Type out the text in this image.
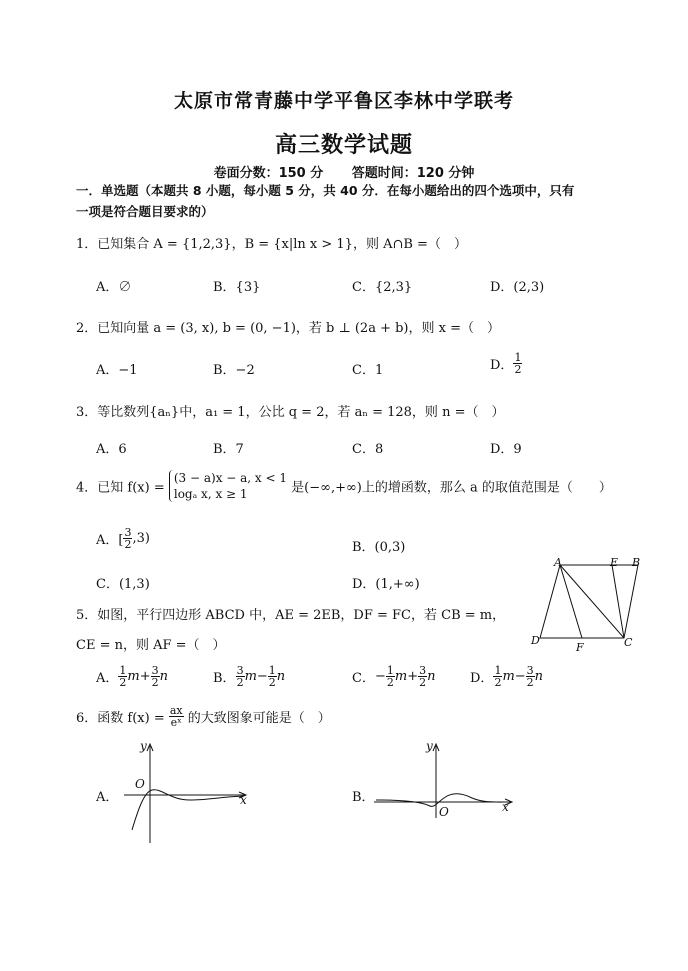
太原市常青藤中学平鲁区李林中学联考
高三数学试题
卷面分数：150 分 答题时间：120 分钟
一．单选题（本题共 8 小题，每小题 5 分，共 40 分．在每小题给出的四个选项中，只有
一项是符合题目要求的）
1．已知集合 A = {1,2,3}，B = {x|ln x > 1}，则 A∩B =（　）
A．∅	B．{3}	C．{2,3}	D．(2,3)
2．已知向量 a = (3, x), b = (0, −1)，若 b ⊥ (2a + b)，则 x =（　）
A．−1	B．−2	C．1	D． $\frac{1}{2}$
3．等比数列{aₙ}中，a₁ = 1，公比 q = 2，若 aₙ = 128，则 n =（　）
A．6	B．7	C．8	D．9
4．已知 f(x) =
(3 − a)x − a, x < 1
logₐ x, x ≥ 1	是(−∞,+∞)上的增函数，那么 a 的取值范围是（　　）
A．[ $\frac{3}{2} ,3$)
B．(0,3)
C．(1,3)	D．(1,+∞)
5．如图，平行四边形 ABCD 中，AE = 2EB，DF = FC，若 CB = m，
CE = n，则 AF =（　）
A	E B
D
F	C
A． $\frac{1}{2} m+ \frac{3}{2}$ n	B． $\frac{3}{2} m- \frac{1}{2}$ n	C．− $\frac{1}{2} m+ \frac{3}{2}$ n	D． $\frac{1}{2} m- \frac{3}{2}$ n
6．函数 $f(x) = \frac{ax}{\text{eˣ}}$ 的大致图象可能是（　）
A．
y
x
O
B．
y
x
O
